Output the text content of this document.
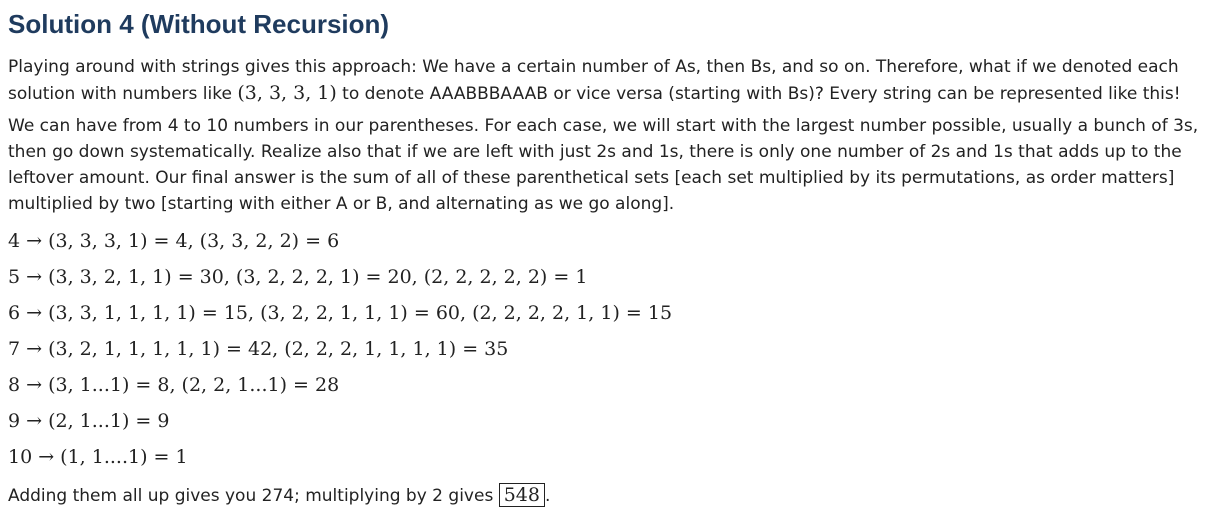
Solution 4 (Without Recursion)

Playing around with strings gives this approach: We have a certain number of As, then Bs, and so on. Therefore, what if we denoted each solution with numbers like (3, 3, 3, 1) to denote AAABBBAAAB or vice versa (starting with Bs)? Every string can be represented like this!

We can have from 4 to 10 numbers in our parentheses. For each case, we will start with the largest number possible, usually a bunch of 3s, then go down systematically. Realize also that if we are left with just 2s and 1s, there is only one number of 2s and 1s that adds up to the leftover amount. Our final answer is the sum of all of these parenthetical sets [each set multiplied by its permutations, as order matters] multiplied by two [starting with either A or B, and alternating as we go along].

4 → (3, 3, 3, 1) = 4, (3, 3, 2, 2) = 6
5 → (3, 3, 2, 1, 1) = 30, (3, 2, 2, 2, 1) = 20, (2, 2, 2, 2, 2) = 1
6 → (3, 3, 1, 1, 1, 1) = 15, (3, 2, 2, 1, 1, 1) = 60, (2, 2, 2, 2, 1, 1) = 15
7 → (3, 2, 1, 1, 1, 1, 1) = 42, (2, 2, 2, 1, 1, 1, 1) = 35
8 → (3, 1...1) = 8, (2, 2, 1...1) = 28
9 → (2, 1...1) = 9
10 → (1, 1....1) = 1
Adding them all up gives you 274; multiplying by 2 gives 548 .
